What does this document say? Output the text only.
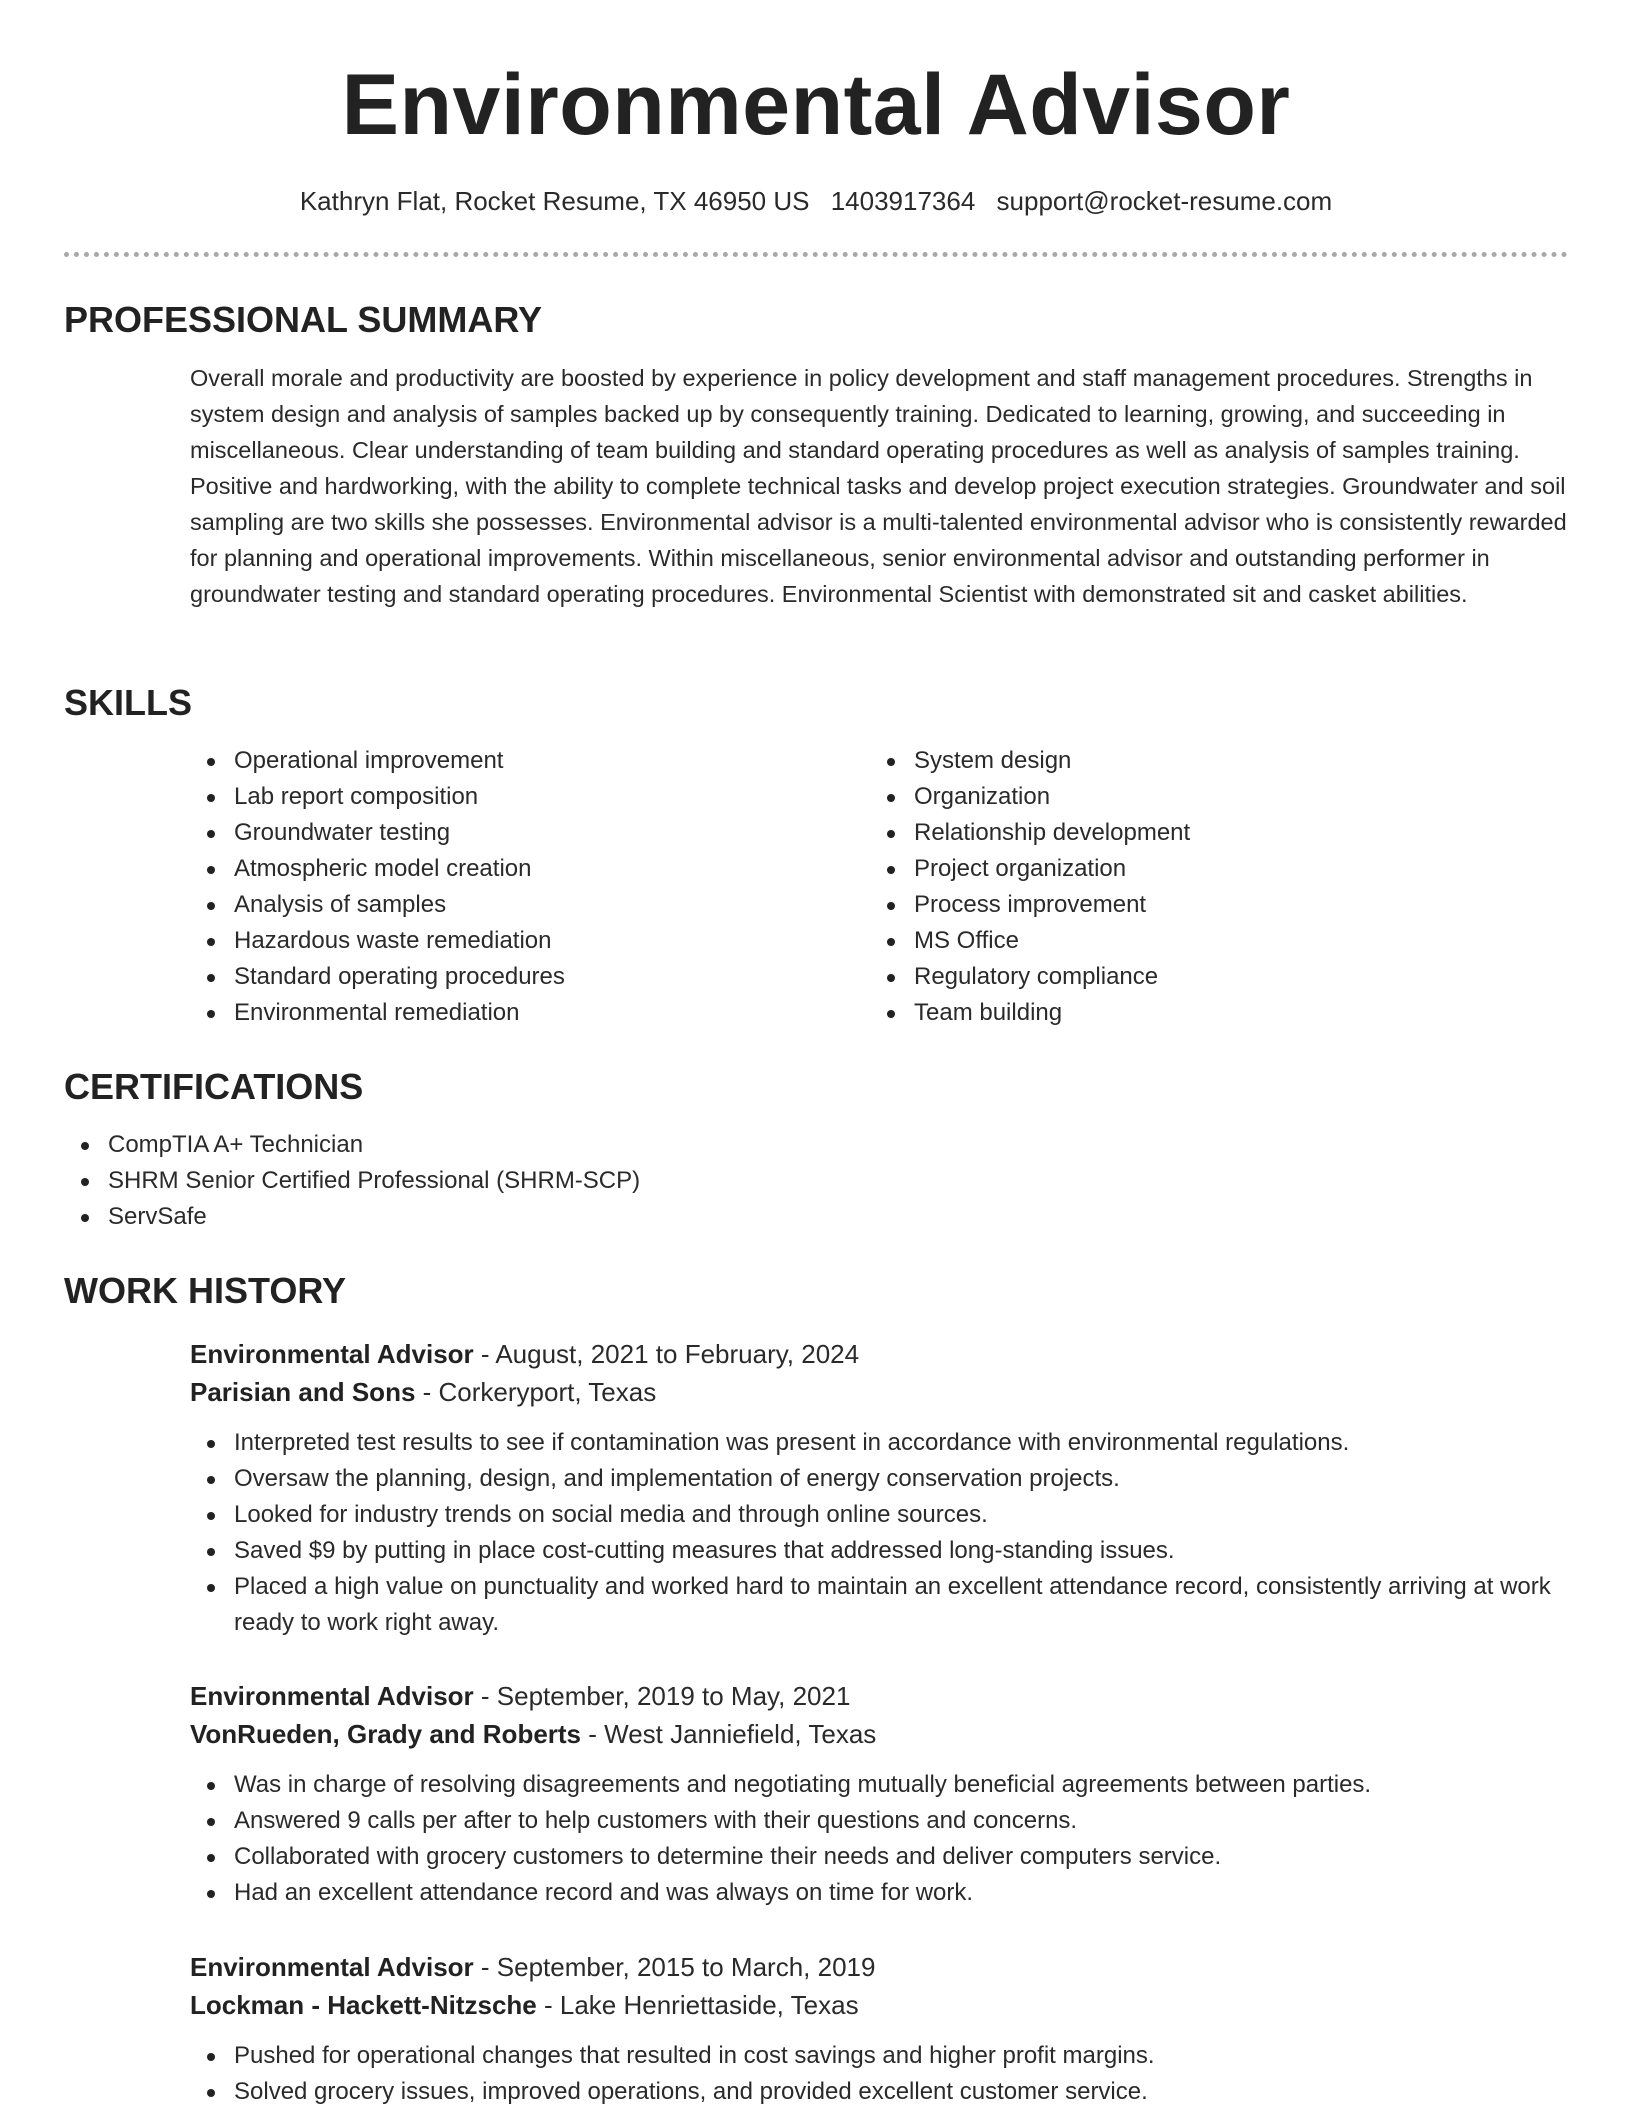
Environmental Advisor
Kathryn Flat, Rocket Resume, TX 46950 US 1403917364 support@rocket-resume.com
PROFESSIONAL SUMMARY
Overall morale and productivity are boosted by experience in policy development and staff management procedures. Strengths in system design and analysis of samples backed up by consequently training. Dedicated to learning, growing, and succeeding in miscellaneous. Clear understanding of team building and standard operating procedures as well as analysis of samples training. Positive and hardworking, with the ability to complete technical tasks and develop project execution strategies. Groundwater and soil sampling are two skills she possesses. Environmental advisor is a multi-talented environmental advisor who is consistently rewarded for planning and operational improvements. Within miscellaneous, senior environmental advisor and outstanding performer in groundwater testing and standard operating procedures. Environmental Scientist with demonstrated sit and casket abilities.
SKILLS
Operational improvement
Lab report composition
Groundwater testing
Atmospheric model creation
Analysis of samples
Hazardous waste remediation
Standard operating procedures
Environmental remediation
System design
Organization
Relationship development
Project organization
Process improvement
MS Office
Regulatory compliance
Team building
CERTIFICATIONS
CompTIA A+ Technician
SHRM Senior Certified Professional (SHRM-SCP)
ServSafe
WORK HISTORY
Environmental Advisor - August, 2021 to February, 2024
Parisian and Sons - Corkeryport, Texas
Interpreted test results to see if contamination was present in accordance with environmental regulations.
Oversaw the planning, design, and implementation of energy conservation projects.
Looked for industry trends on social media and through online sources.
Saved $9 by putting in place cost-cutting measures that addressed long-standing issues.
Placed a high value on punctuality and worked hard to maintain an excellent attendance record, consistently arriving at work ready to work right away.
Environmental Advisor - September, 2019 to May, 2021
VonRueden, Grady and Roberts - West Janniefield, Texas
Was in charge of resolving disagreements and negotiating mutually beneficial agreements between parties.
Answered 9 calls per after to help customers with their questions and concerns.
Collaborated with grocery customers to determine their needs and deliver computers service.
Had an excellent attendance record and was always on time for work.
Environmental Advisor - September, 2015 to March, 2019
Lockman - Hackett-Nitzsche - Lake Henriettaside, Texas
Pushed for operational changes that resulted in cost savings and higher profit margins.
Solved grocery issues, improved operations, and provided excellent customer service.
